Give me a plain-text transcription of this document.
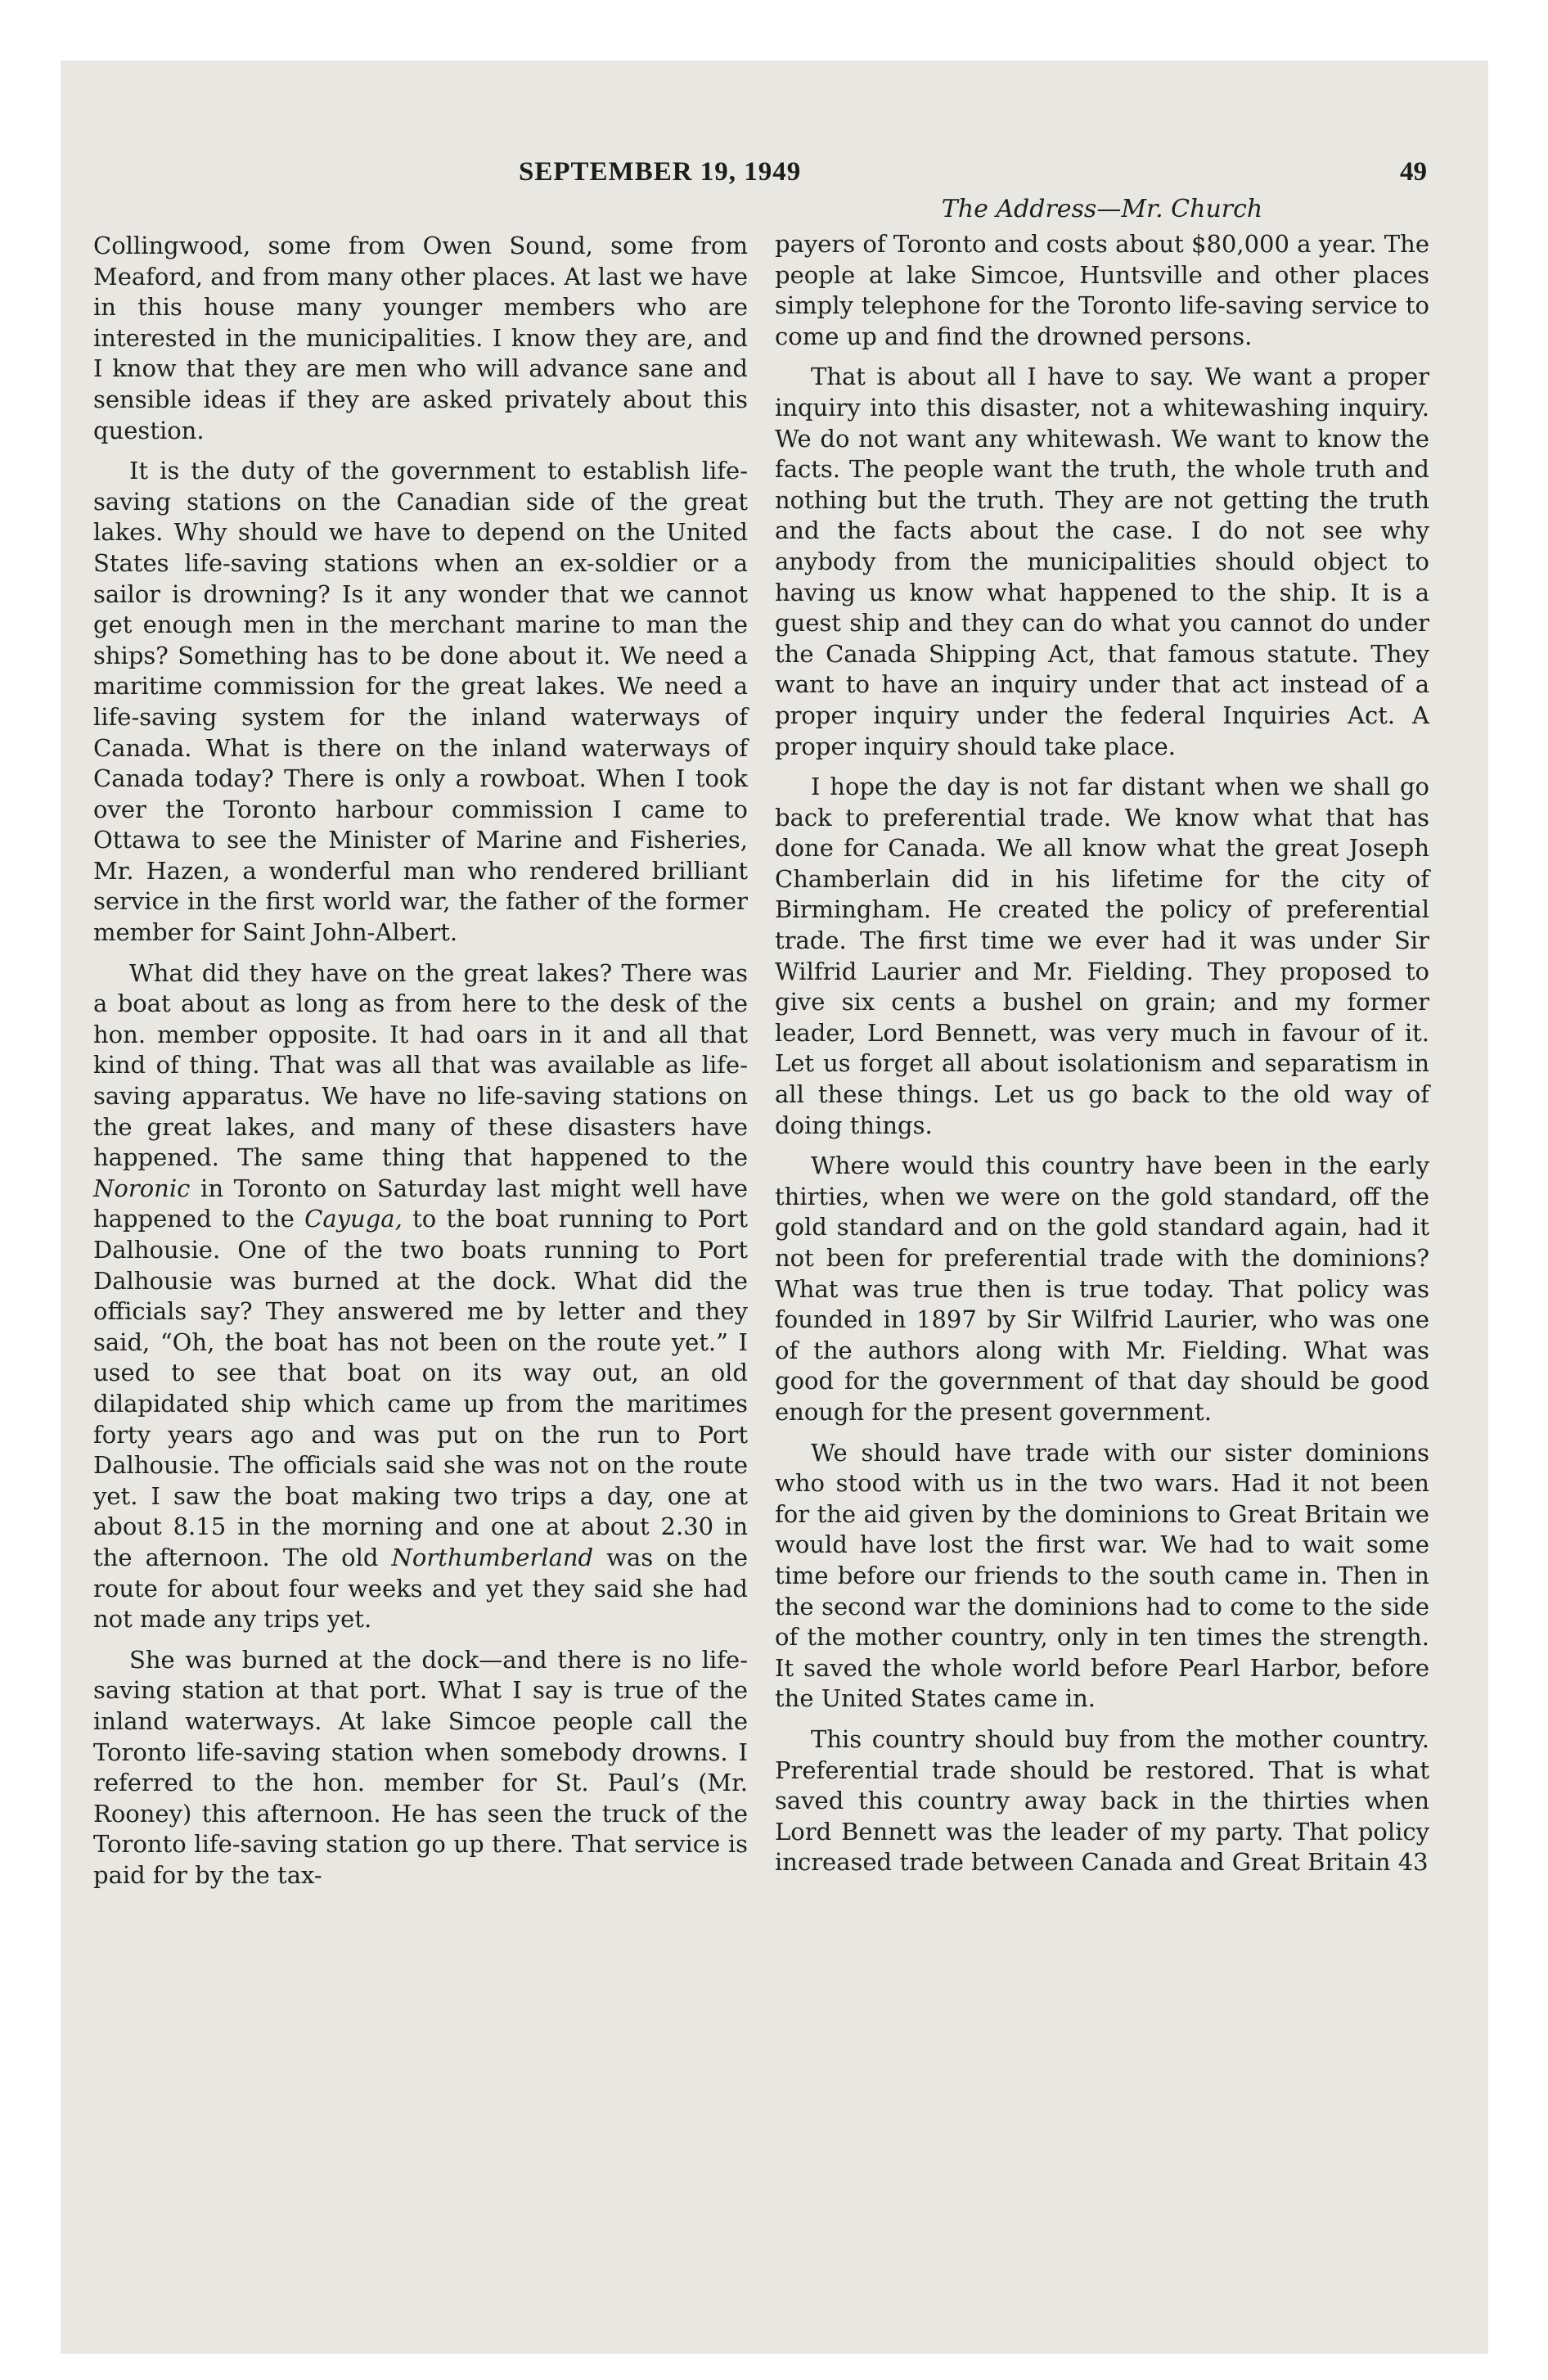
SEPTEMBER 19, 1949	49

Collingwood, some from Owen Sound, some from Meaford, and from many other places. At last we have in this house many younger members who are interested in the municipalities. I know they are, and I know that they are men who will advance sane and sensible ideas if they are asked privately about this question.

It is the duty of the government to establish life-saving stations on the Canadian side of the great lakes. Why should we have to depend on the United States life-saving stations when an ex-soldier or a sailor is drowning? Is it any wonder that we cannot get enough men in the merchant marine to man the ships? Something has to be done about it. We need a maritime commission for the great lakes. We need a life-saving system for the inland waterways of Canada. What is there on the inland waterways of Canada today? There is only a rowboat. When I took over the Toronto harbour commission I came to Ottawa to see the Minister of Marine and Fisheries, Mr. Hazen, a wonderful man who rendered brilliant service in the first world war, the father of the former member for Saint John-Albert.

What did they have on the great lakes? There was a boat about as long as from here to the desk of the hon. member opposite. It had oars in it and all that kind of thing. That was all that was available as life-saving apparatus. We have no life-saving stations on the great lakes, and many of these disasters have happened. The same thing that happened to the Noronic in Toronto on Saturday last might well have happened to the Cayuga, to the boat running to Port Dalhousie. One of the two boats running to Port Dalhousie was burned at the dock. What did the officials say? They answered me by letter and they said, “Oh, the boat has not been on the route yet.” I used to see that boat on its way out, an old dilapidated ship which came up from the maritimes forty years ago and was put on the run to Port Dalhousie. The officials said she was not on the route yet. I saw the boat making two trips a day, one at about 8.15 in the morning and one at about 2.30 in the afternoon. The old Northumberland was on the route for about four weeks and yet they said she had not made any trips yet.

She was burned at the dock—and there is no life-saving station at that port. What I say is true of the inland waterways. At lake Simcoe people call the Toronto life-saving station when somebody drowns. I referred to the hon. member for St. Paul’s (Mr. Rooney) this afternoon. He has seen the truck of the Toronto life-saving station go up there. That service is paid for by the tax-

The Address—Mr. Church

payers of Toronto and costs about $80,000 a year. The people at lake Simcoe, Huntsville and other places simply telephone for the Toronto life-saving service to come up and find the drowned persons.

That is about all I have to say. We want a proper inquiry into this disaster, not a whitewashing inquiry. We do not want any whitewash. We want to know the facts. The people want the truth, the whole truth and nothing but the truth. They are not getting the truth and the facts about the case. I do not see why anybody from the municipalities should object to having us know what happened to the ship. It is a guest ship and they can do what you cannot do under the Canada Shipping Act, that famous statute. They want to have an inquiry under that act instead of a proper inquiry under the federal Inquiries Act. A proper inquiry should take place.

I hope the day is not far distant when we shall go back to preferential trade. We know what that has done for Canada. We all know what the great Joseph Chamberlain did in his lifetime for the city of Birmingham. He created the policy of preferential trade. The first time we ever had it was under Sir Wilfrid Laurier and Mr. Fielding. They proposed to give six cents a bushel on grain; and my former leader, Lord Bennett, was very much in favour of it. Let us forget all about isolationism and separatism in all these things. Let us go back to the old way of doing things.

Where would this country have been in the early thirties, when we were on the gold standard, off the gold standard and on the gold standard again, had it not been for preferential trade with the dominions? What was true then is true today. That policy was founded in 1897 by Sir Wilfrid Laurier, who was one of the authors along with Mr. Fielding. What was good for the government of that day should be good enough for the present government.

We should have trade with our sister dominions who stood with us in the two wars. Had it not been for the aid given by the dominions to Great Britain we would have lost the first war. We had to wait some time before our friends to the south came in. Then in the second war the dominions had to come to the side of the mother country, only in ten times the strength. It saved the whole world before Pearl Harbor, before the United States came in.

This country should buy from the mother country. Preferential trade should be restored. That is what saved this country away back in the thirties when Lord Bennett was the leader of my party. That policy increased trade between Canada and Great Britain 43
